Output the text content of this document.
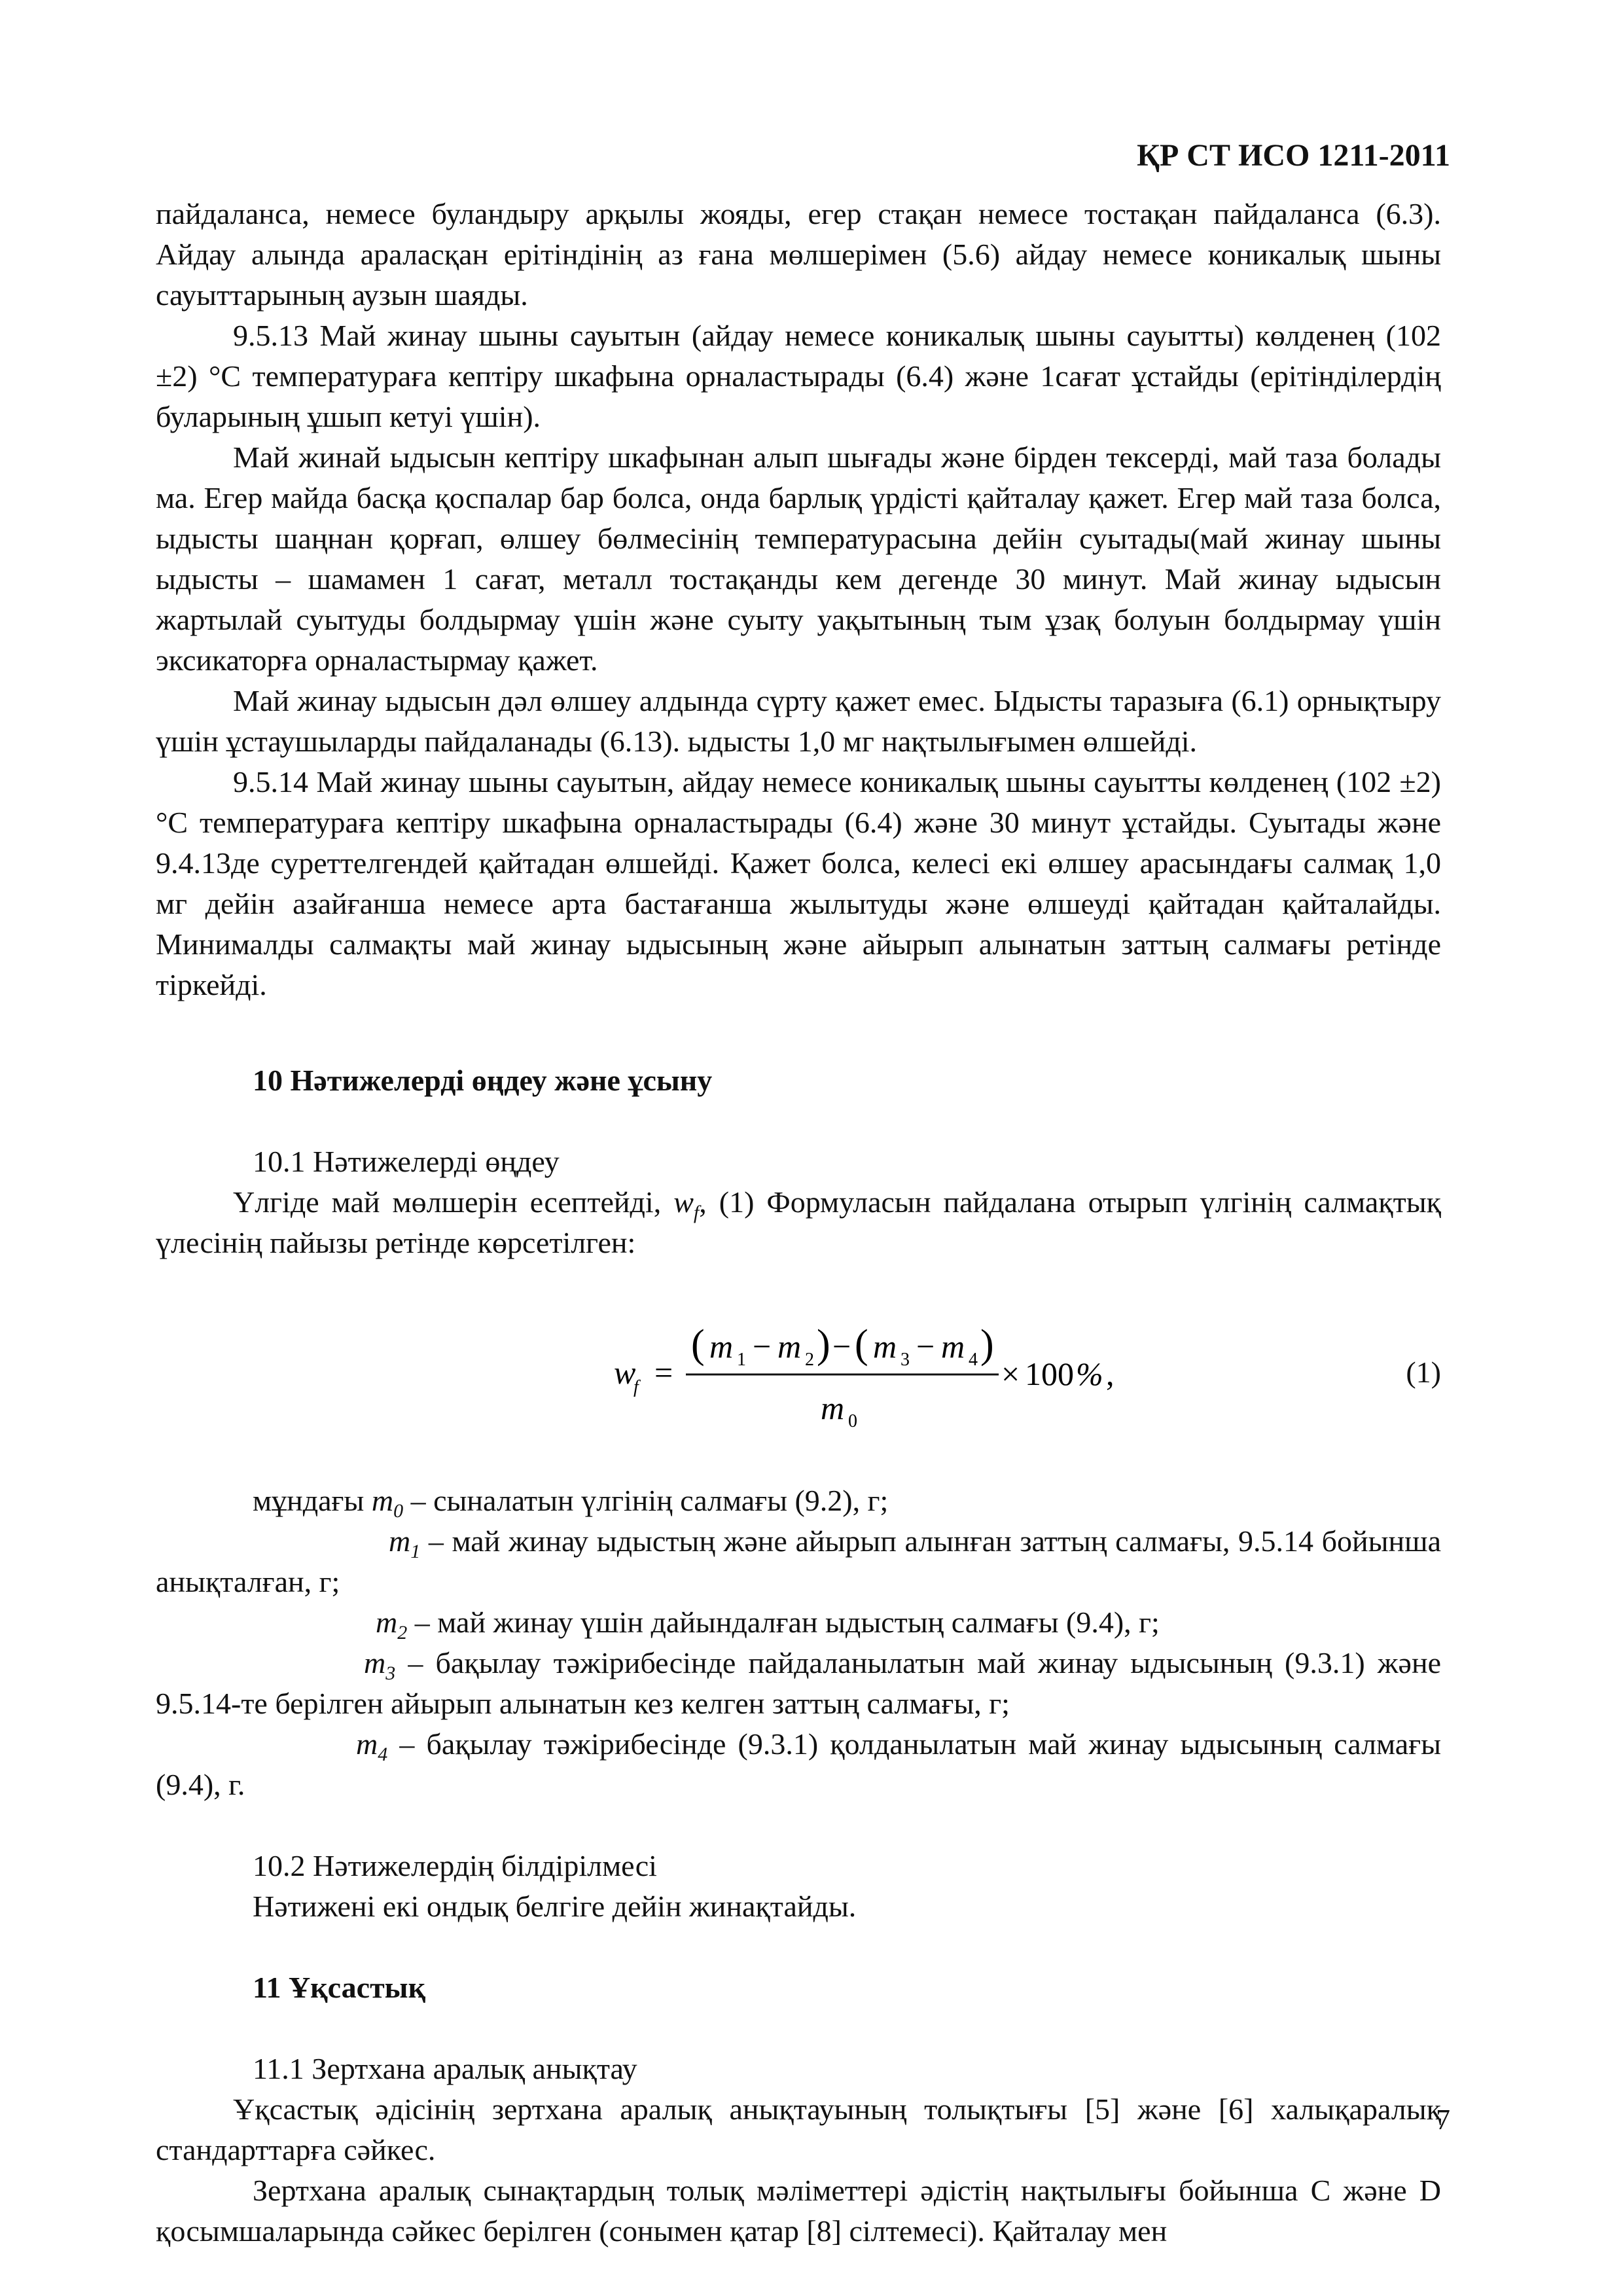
ҚР СТ ИСО 1211-2011

пайдаланса, немесе буландыру арқылы жояды, егер стақан немесе тостақан пайдаланса (6.3). Айдау алында араласқан ерітіндінің аз ғана мөлшерімен (5.6) айдау немесе коникалық шыны сауыттарының аузын шаяды.

9.5.13 Май жинау шыны сауытын (айдау немесе коникалық шыны сауытты) көлденең (102 ±2) °С температураға кептіру шкафына орналастырады (6.4) және 1сағат ұстайды (ерітінділердің буларының ұшып кетуі үшін).

Май жинай ыдысын кептіру шкафынан алып шығады және бірден тексерді, май таза болады ма. Егер майда басқа қоспалар бар болса, онда барлық үрдісті қайталау қажет. Егер май таза болса, ыдысты шаңнан қорғап, өлшеу бөлмесінің температурасына дейін суытады(май жинау шыны ыдысты – шамамен 1 сағат, металл тостақанды кем дегенде 30 минут. Май жинау ыдысын жартылай суытуды болдырмау үшін және суыту уақытының тым ұзақ болуын болдырмау үшін эксикаторға орналастырмау қажет.

Май жинау ыдысын дәл өлшеу алдында сүрту қажет емес. Ыдысты таразыға (6.1) орнықтыру үшін ұстаушыларды пайдаланады (6.13). ыдысты 1,0 мг нақтылығымен өлшейді.

9.5.14 Май жинау шыны сауытын, айдау немесе коникалық шыны сауытты көлденең (102 ±2) °С температураға кептіру шкафына орналастырады (6.4) және 30 минут ұстайды. Суытады және 9.4.13де суреттелгендей қайтадан өлшейді. Қажет болса, келесі екі өлшеу арасындағы салмақ 1,0 мг дейін азайғанша немесе арта бастағанша жылытуды және өлшеуді қайтадан қайталайды. Минималды салмақты май жинау ыдысының және айырып алынатын заттың салмағы ретінде тіркейді.

10 Нәтижелерді өңдеу және ұсыну

10.1 Нәтижелерді өңдеу

Үлгіде май мөлшерін есептейді, $w_f$, (1) Формуласын пайдалана отырып үлгінің салмақтық үлесінің пайызы ретінде көрсетілген:

w
f =
( m 1 − m 2 ) − ( m 3 − m 4 )
m 0
× 100 % ,	(1)

мұндағы $m_0$ – сыналатын үлгінің салмағы (9.2), г;

$m_1$ – май жинау ыдыстың және айырып алынған заттың салмағы, 9.5.14 бойынша анықталған, г;

$m_2$ – май жинау үшін дайындалған ыдыстың салмағы (9.4), г;

$m_3$ – бақылау тәжірибесінде пайдаланылатын май жинау ыдысының (9.3.1) және 9.5.14-те берілген айырып алынатын кез келген заттың салмағы, г;

$m_4$ – бақылау тәжірибесінде (9.3.1) қолданылатын май жинау ыдысының салмағы (9.4), г.

10.2 Нәтижелердің білдірілмесі

Нәтижені екі ондық белгіге дейін жинақтайды.

11 Ұқсастық

11.1 Зертхана аралық анықтау

Ұқсастық әдісінің зертхана аралық анықтауының толықтығы [5] және [6] халықаралық стандарттарға сәйкес.

Зертхана аралық сынақтардың толық мәліметтері әдістің нақтылығы бойынша С және D қосымшаларында сәйкес берілген (сонымен қатар [8] сілтемесі). Қайталау мен

7
